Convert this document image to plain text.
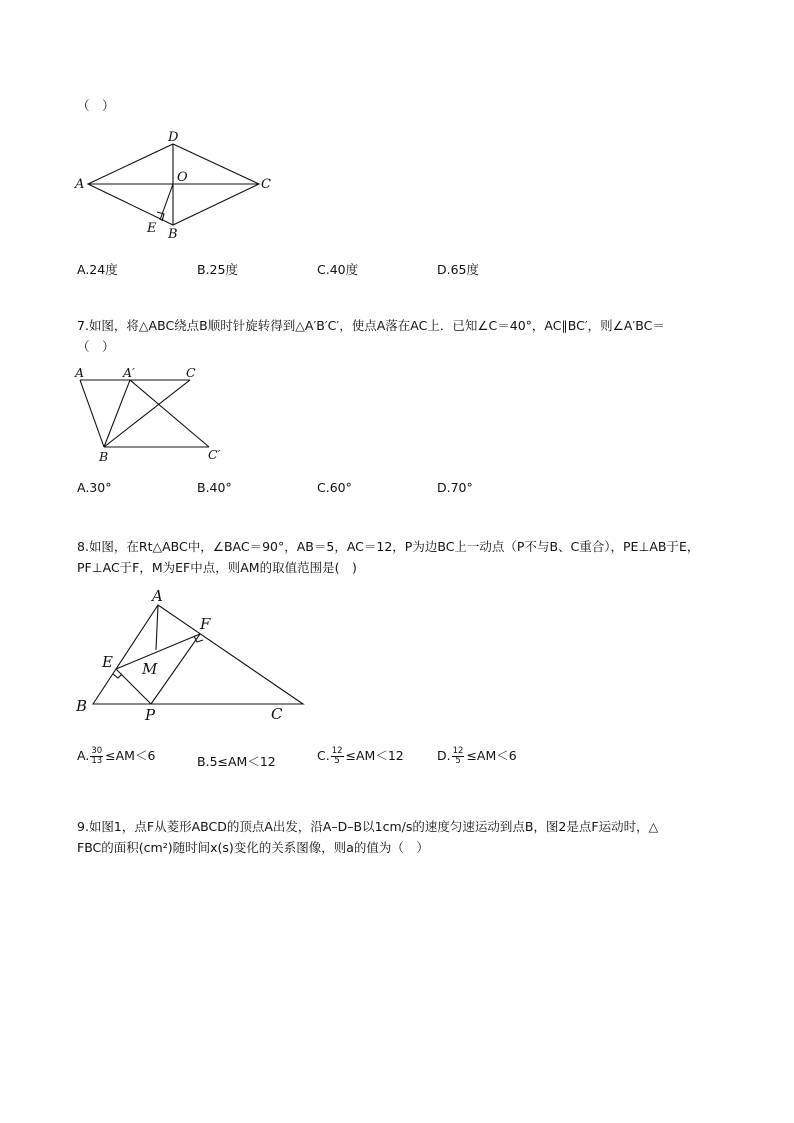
（　）
D
A	O	C
E B
A.24度	B.25度	C.40度	D.65度
7.如图，将△ABC绕点B顺时针旋转得到△A′B′C′，使点A落在AC上．已知∠C＝40°，AC∥BC′，则∠A′BC＝
（　）
A	A′	C
B	C′
A.30°	B.40°	C.60°	D.70°
8.如图，在Rt△ABC中，∠BAC＝90°，AB＝5，AC＝12，P为边BC上一动点（P不与B、C重合），PE⊥AB于E，
PF⊥AC于F，M为EF中点，则AM的取值范围是(　)
A
F
E M
B	P	C
A. $\frac{30}{13} \le AM<6$	B.5≤AM＜12	C. $\frac{12}{5} \le AM<12$	D. $\frac{12}{5} \le AM<6$
9.如图1，点F从菱形ABCD的顶点A出发，沿A–D–B以1cm/s的速度匀速运动到点B，图2是点F运动时，△
FBC的面积(cm²)随时间x(s)变化的关系图像，则a的值为（　）
